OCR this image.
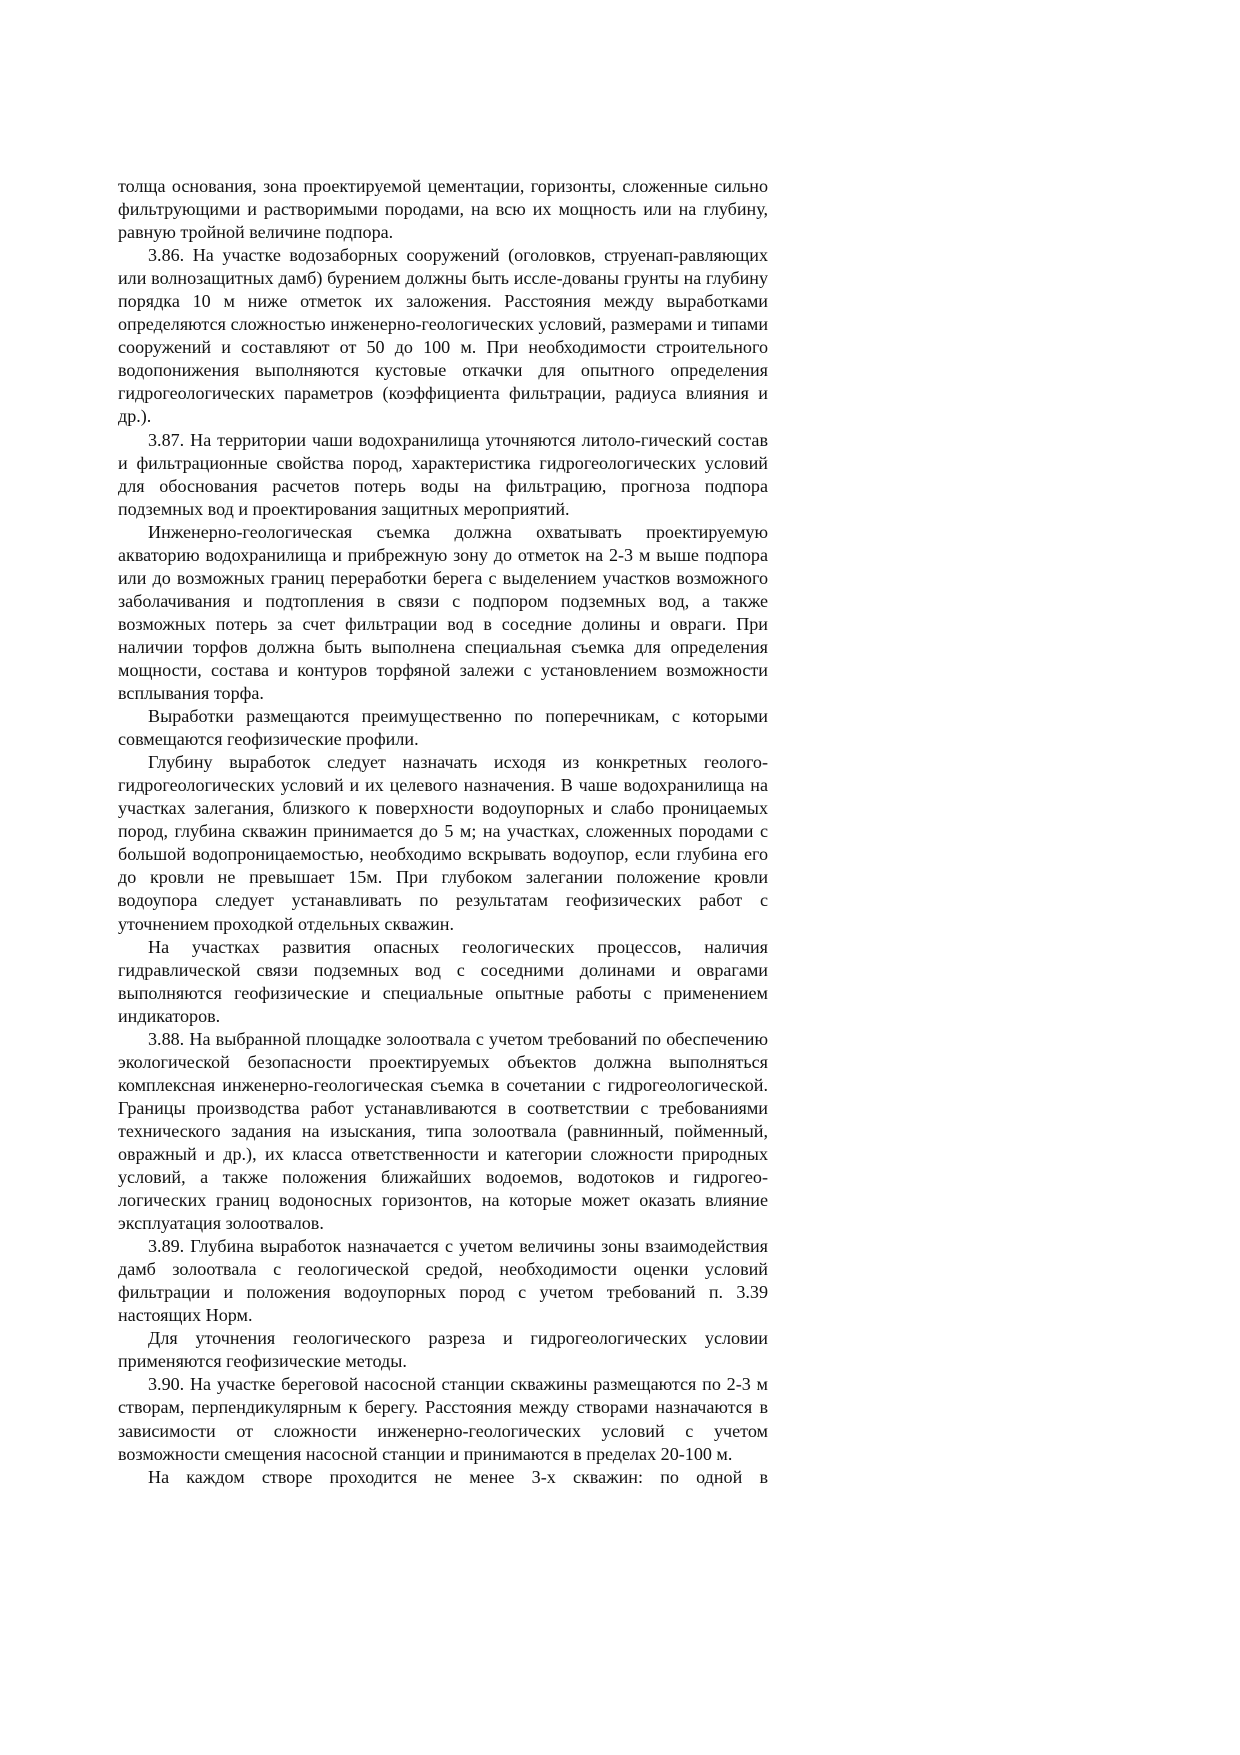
толща основания, зона проектируемой цементации, горизонты, сложенные сильно фильтрующими и растворимыми породами, на всю их мощность или на глубину, равную тройной величине подпора.

3.86. На участке водозаборных сооружений (оголовков, струенап-равляющих или волнозащитных дамб) бурением должны быть иссле-дованы грунты на глубину порядка 10 м ниже отметок их заложения. Расстояния между выработками определяются сложностью инженерно-геологических условий, размерами и типами сооружений и составляют от 50 до 100 м. При необходимости строительного водопонижения выполняются кустовые откачки для опытного определения гидрогеологических параметров (коэффициента фильтрации, радиуса влияния и др.).

3.87. На территории чаши водохранилища уточняются литоло-гический состав и фильтрационные свойства пород, характеристика гидрогеологических условий для обоснования расчетов потерь воды на фильтрацию, прогноза подпора подземных вод и проектирования защитных мероприятий.

Инженерно-геологическая съемка должна охватывать проектируемую акваторию водохранилища и прибрежную зону до отметок на 2-3 м выше подпора или до возможных границ переработки берега с выделением участков возможного заболачивания и подтопления в связи с подпором подземных вод, а также возможных потерь за счет фильтрации вод в соседние долины и овраги. При наличии торфов должна быть выполнена специальная съемка для определения мощности, состава и контуров торфяной залежи с установлением возможности всплывания торфа.

Выработки размещаются преимущественно по поперечникам, с которыми совмещаются геофизические профили.

Глубину выработок следует назначать исходя из конкретных геолого-гидрогеологических условий и их целевого назначения. В чаше водохранилища на участках залегания, близкого к поверхности водоупорных и слабо проницаемых пород, глубина скважин принимается до 5 м; на участках, сложенных породами с большой водопроницаемостью, необходимо вскрывать водоупор, если глубина его до кровли не превышает 15м. При глубоком залегании положение кровли водоупора следует устанавливать по результатам геофизических работ с уточнением проходкой отдельных скважин.

На участках развития опасных геологических процессов, наличия гидравлической связи подземных вод с соседними долинами и оврагами выполняются геофизические и специальные опытные работы с применением индикаторов.

3.88. На выбранной площадке золоотвала с учетом требований по обеспечению экологической безопасности проектируемых объектов должна выполняться комплексная инженерно-геологическая съемка в сочетании с гидрогеологической. Границы производства работ устанавливаются в соответствии с требованиями технического задания на изыскания, типа золоотвала (равнинный, пойменный, овражный и др.), их класса ответственности и категории сложности природных условий, а также положения ближайших водоемов, водотоков и гидрогео-логических границ водоносных горизонтов, на которые может оказать влияние эксплуатация золоотвалов.

3.89. Глубина выработок назначается с учетом величины зоны взаимодействия дамб золоотвала с геологической средой, необходимости оценки условий фильтрации и положения водоупорных пород с учетом требований п. 3.39 настоящих Норм.

Для уточнения геологического разреза и гидрогеологических условии применяются геофизические методы.

3.90. На участке береговой насосной станции скважины размещаются по 2-3 м створам, перпендикулярным к берегу. Расстояния между створами назначаются в зависимости от сложности инженерно-геологических условий с учетом возможности смещения насосной станции и принимаются в пределах 20-100 м.

На каждом створе проходится не менее 3-х скважин: по одной в
